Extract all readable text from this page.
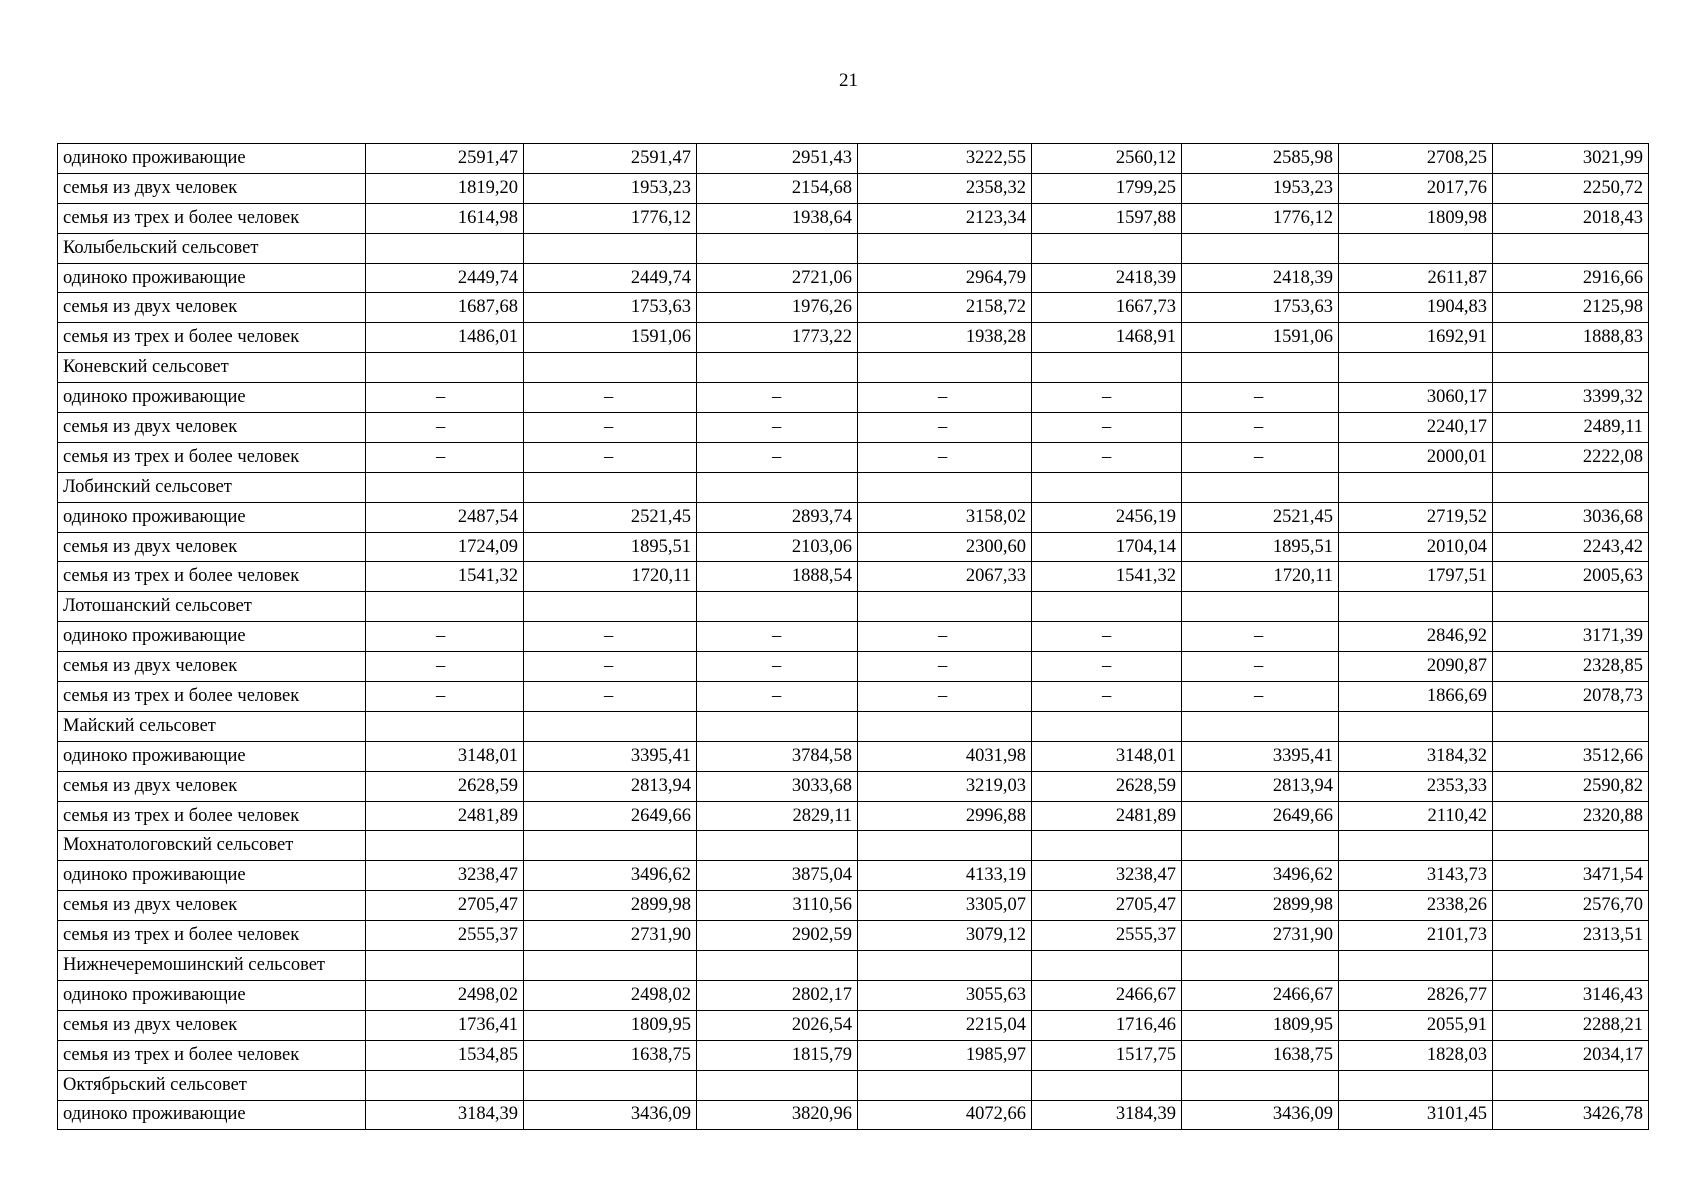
21
одиноко проживающие	2591,47	2591,47	2951,43	3222,55	2560,12	2585,98	2708,25	3021,99
семья из двух человек	1819,20	1953,23	2154,68	2358,32	1799,25	1953,23	2017,76	2250,72
семья из трех и более человек	1614,98	1776,12	1938,64	2123,34	1597,88	1776,12	1809,98	2018,43
Колыбельский сельсовет								
одиноко проживающие	2449,74	2449,74	2721,06	2964,79	2418,39	2418,39	2611,87	2916,66
семья из двух человек	1687,68	1753,63	1976,26	2158,72	1667,73	1753,63	1904,83	2125,98
семья из трех и более человек	1486,01	1591,06	1773,22	1938,28	1468,91	1591,06	1692,91	1888,83
Коневский сельсовет								
одиноко проживающие	–	–	–	–	–	–	3060,17	3399,32
семья из двух человек	–	–	–	–	–	–	2240,17	2489,11
семья из трех и более человек	–	–	–	–	–	–	2000,01	2222,08
Лобинский сельсовет								
одиноко проживающие	2487,54	2521,45	2893,74	3158,02	2456,19	2521,45	2719,52	3036,68
семья из двух человек	1724,09	1895,51	2103,06	2300,60	1704,14	1895,51	2010,04	2243,42
семья из трех и более человек	1541,32	1720,11	1888,54	2067,33	1541,32	1720,11	1797,51	2005,63
Лотошанский сельсовет								
одиноко проживающие	–	–	–	–	–	–	2846,92	3171,39
семья из двух человек	–	–	–	–	–	–	2090,87	2328,85
семья из трех и более человек	–	–	–	–	–	–	1866,69	2078,73
Майский сельсовет								
одиноко проживающие	3148,01	3395,41	3784,58	4031,98	3148,01	3395,41	3184,32	3512,66
семья из двух человек	2628,59	2813,94	3033,68	3219,03	2628,59	2813,94	2353,33	2590,82
семья из трех и более человек	2481,89	2649,66	2829,11	2996,88	2481,89	2649,66	2110,42	2320,88
Мохнатологовский сельсовет								
одиноко проживающие	3238,47	3496,62	3875,04	4133,19	3238,47	3496,62	3143,73	3471,54
семья из двух человек	2705,47	2899,98	3110,56	3305,07	2705,47	2899,98	2338,26	2576,70
семья из трех и более человек	2555,37	2731,90	2902,59	3079,12	2555,37	2731,90	2101,73	2313,51
Нижнечеремошинский сельсовет								
одиноко проживающие	2498,02	2498,02	2802,17	3055,63	2466,67	2466,67	2826,77	3146,43
семья из двух человек	1736,41	1809,95	2026,54	2215,04	1716,46	1809,95	2055,91	2288,21
семья из трех и более человек	1534,85	1638,75	1815,79	1985,97	1517,75	1638,75	1828,03	2034,17
Октябрьский сельсовет								
одиноко проживающие	3184,39	3436,09	3820,96	4072,66	3184,39	3436,09	3101,45	3426,78
